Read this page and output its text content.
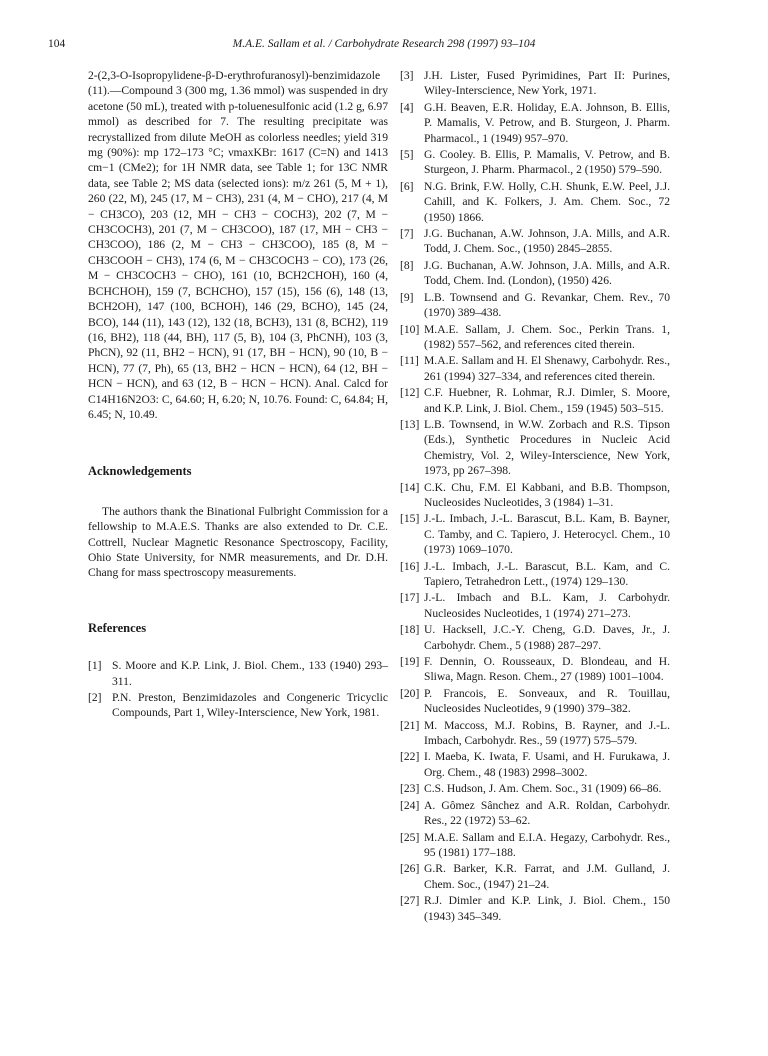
104	M.A.E. Sallam et al. / Carbohydrate Research 298 (1997) 93–104

2-(2,3-O-Isopropylidene-β-D-erythrofuranosyl)-benzimidazole (11).—Compound 3 (300 mg, 1.36 mmol) was suspended in dry acetone (50 mL), treated with p-toluenesulfonic acid (1.2 g, 6.97 mmol) as described for 7. The resulting precipitate was recrystallized from dilute MeOH as colorless needles; yield 319 mg (90%): mp 172–173 °C; νmaxKBr: 1617 (C=N) and 1413 cm−1 (CMe2); for 1H NMR data, see Table 1; for 13C NMR data, see Table 2; MS data (selected ions): m/z 261 (5, M + 1), 260 (22, M), 245 (17, M − CH3), 231 (4, M − CHO), 217 (4, M − CH3CO), 203 (12, MH − CH3 − COCH3), 202 (7, M − CH3COCH3), 201 (7, M − CH3COO), 187 (17, MH − CH3 − CH3COO), 186 (2, M − CH3 − CH3COO), 185 (8, M − CH3COOH − CH3), 174 (6, M − CH3COCH3 − CO), 173 (26, M − CH3COCH3 − CHO), 161 (10, BCH2CHOH), 160 (4, BCHCHOH), 159 (7, BCHCHO), 157 (15), 156 (6), 148 (13, BCH2OH), 147 (100, BCHOH), 146 (29, BCHO), 145 (24, BCO), 144 (11), 143 (12), 132 (18, BCH3), 131 (8, BCH2), 119 (16, BH2), 118 (44, BH), 117 (5, B), 104 (3, PhCNH), 103 (3, PhCN), 92 (11, BH2 − HCN), 91 (17, BH − HCN), 90 (10, B − HCN), 77 (7, Ph), 65 (13, BH2 − HCN − HCN), 64 (12, BH − HCN − HCN), and 63 (12, B − HCN − HCN). Anal. Calcd for C14H16N2O3: C, 64.60; H, 6.20; N, 10.76. Found: C, 64.84; H, 6.45; N, 10.49.

Acknowledgements

The authors thank the Binational Fulbright Commission for a fellowship to M.A.E.S. Thanks are also extended to Dr. C.E. Cottrell, Nuclear Magnetic Resonance Spectroscopy, Facility, Ohio State University, for NMR measurements, and Dr. D.H. Chang for mass spectroscopy measurements.

References

[1] S. Moore and K.P. Link, J. Biol. Chem., 133 (1940) 293–311.
[2] P.N. Preston, Benzimidazoles and Congeneric Tricyclic Compounds, Part 1, Wiley-Interscience, New York, 1981.
[3] J.H. Lister, Fused Pyrimidines, Part II: Purines, Wiley-Interscience, New York, 1971.
[4] G.H. Beaven, E.R. Holiday, E.A. Johnson, B. Ellis, P. Mamalis, V. Petrow, and B. Sturgeon, J. Pharm. Pharmacol., 1 (1949) 957–970.
[5] G. Cooley. B. Ellis, P. Mamalis, V. Petrow, and B. Sturgeon, J. Pharm. Pharmacol., 2 (1950) 579–590.
[6] N.G. Brink, F.W. Holly, C.H. Shunk, E.W. Peel, J.J. Cahill, and K. Folkers, J. Am. Chem. Soc., 72 (1950) 1866.
[7] J.G. Buchanan, A.W. Johnson, J.A. Mills, and A.R. Todd, J. Chem. Soc., (1950) 2845–2855.
[8] J.G. Buchanan, A.W. Johnson, J.A. Mills, and A.R. Todd, Chem. Ind. (London), (1950) 426.
[9] L.B. Townsend and G. Revankar, Chem. Rev., 70 (1970) 389–438.
[10] M.A.E. Sallam, J. Chem. Soc., Perkin Trans. 1, (1982) 557–562, and references cited therein.
[11] M.A.E. Sallam and H. El Shenawy, Carbohydr. Res., 261 (1994) 327–334, and references cited therein.
[12] C.F. Huebner, R. Lohmar, R.J. Dimler, S. Moore, and K.P. Link, J. Biol. Chem., 159 (1945) 503–515.
[13] L.B. Townsend, in W.W. Zorbach and R.S. Tipson (Eds.), Synthetic Procedures in Nucleic Acid Chemistry, Vol. 2, Wiley-Interscience, New York, 1973, pp 267–398.
[14] C.K. Chu, F.M. El Kabbani, and B.B. Thompson, Nucleosides Nucleotides, 3 (1984) 1–31.
[15] J.-L. Imbach, J.-L. Barascut, B.L. Kam, B. Bayner, C. Tamby, and C. Tapiero, J. Heterocycl. Chem., 10 (1973) 1069–1070.
[16] J.-L. Imbach, J.-L. Barascut, B.L. Kam, and C. Tapiero, Tetrahedron Lett., (1974) 129–130.
[17] J.-L. Imbach and B.L. Kam, J. Carbohydr. Nucleosides Nucleotides, 1 (1974) 271–273.
[18] U. Hacksell, J.C.-Y. Cheng, G.D. Daves, Jr., J. Carbohydr. Chem., 5 (1988) 287–297.
[19] F. Dennin, O. Rousseaux, D. Blondeau, and H. Sliwa, Magn. Reson. Chem., 27 (1989) 1001–1004.
[20] P. Francois, E. Sonveaux, and R. Touillau, Nucleosides Nucleotides, 9 (1990) 379–382.
[21] M. Maccoss, M.J. Robins, B. Rayner, and J.-L. Imbach, Carbohydr. Res., 59 (1977) 575–579.
[22] I. Maeba, K. Iwata, F. Usami, and H. Furukawa, J. Org. Chem., 48 (1983) 2998–3002.
[23] C.S. Hudson, J. Am. Chem. Soc., 31 (1909) 66–86.
[24] A. Gômez Sânchez and A.R. Roldan, Carbohydr. Res., 22 (1972) 53–62.
[25] M.A.E. Sallam and E.I.A. Hegazy, Carbohydr. Res., 95 (1981) 177–188.
[26] G.R. Barker, K.R. Farrat, and J.M. Gulland, J. Chem. Soc., (1947) 21–24.
[27] R.J. Dimler and K.P. Link, J. Biol. Chem., 150 (1943) 345–349.
